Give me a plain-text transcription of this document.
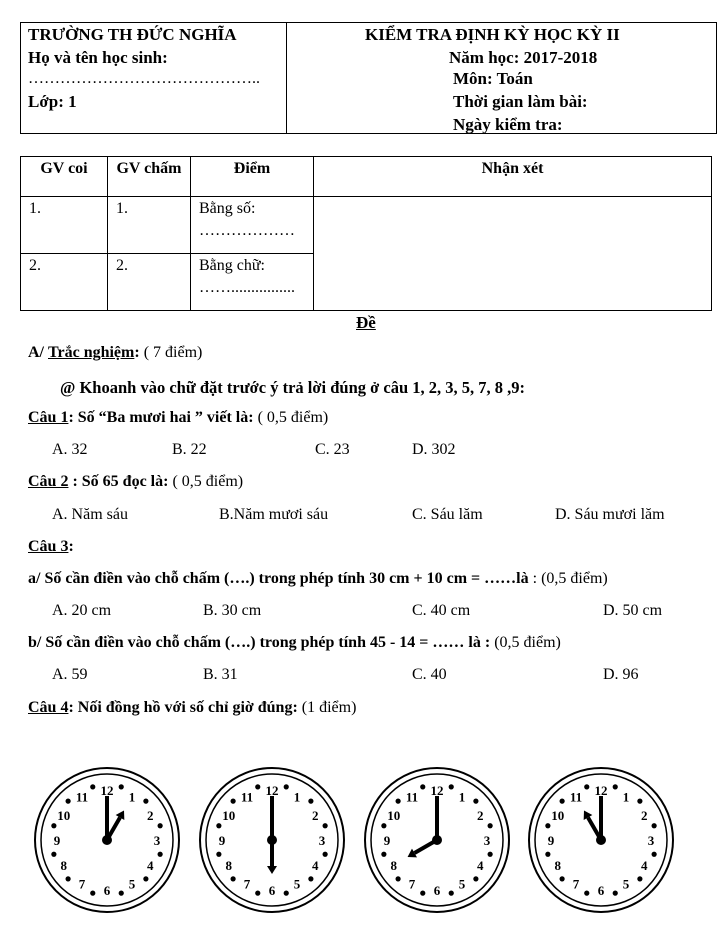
TRƯỜNG TH ĐỨC NGHĨA
Họ và tên học sinh:
……………………………………..
Lớp: 1

KIỂM TRA ĐỊNH KỲ HỌC KỲ II
Năm học: 2017-2018
Môn: Toán
Thời gian làm bài:
Ngày kiểm tra:
GV coi	GV chấm	Điểm	Nhận xét
1.	1.	Bằng số:
………………	

2.	2.	Bằng chữ:
……................	
Đề
A/ Trắc nghiệm: ( 7 điểm)
@ Khoanh vào chữ đặt trước ý trả lời đúng ở câu 1, 2, 3, 5, 7, 8 ,9:
Câu 1: Số “Ba mươi hai ” viết là: ( 0,5 điểm)
A. 32	B. 22	C. 23	D. 302
Câu 2 : Số 65 đọc là: ( 0,5 điểm)
A. Năm sáu	B.Năm mươi sáu	C. Sáu lăm	D. Sáu mươi lăm
Câu 3:
a/ Số cần điền vào chỗ chấm (….) trong phép tính 30 cm + 10 cm = ……là : (0,5 điểm)
A. 20 cm	B. 30 cm	C. 40 cm	D. 50 cm
b/ Số cần điền vào chỗ chấm (….) trong phép tính 45 - 14 = …… là : (0,5 điểm)
A. 59	B. 31	C. 40	D. 96
Câu 4: Nối đồng hồ với số chỉ giờ đúng: (1 điểm)
12 1
2
3
4
5
6
7
8
9
10
11	12 1
2
3
4
5
6
7
8
9
10
11	12 1
2
3
4
5
6
7
8
9
10
11	12 1
2
3
4
5
6
7
8
9
10
11
